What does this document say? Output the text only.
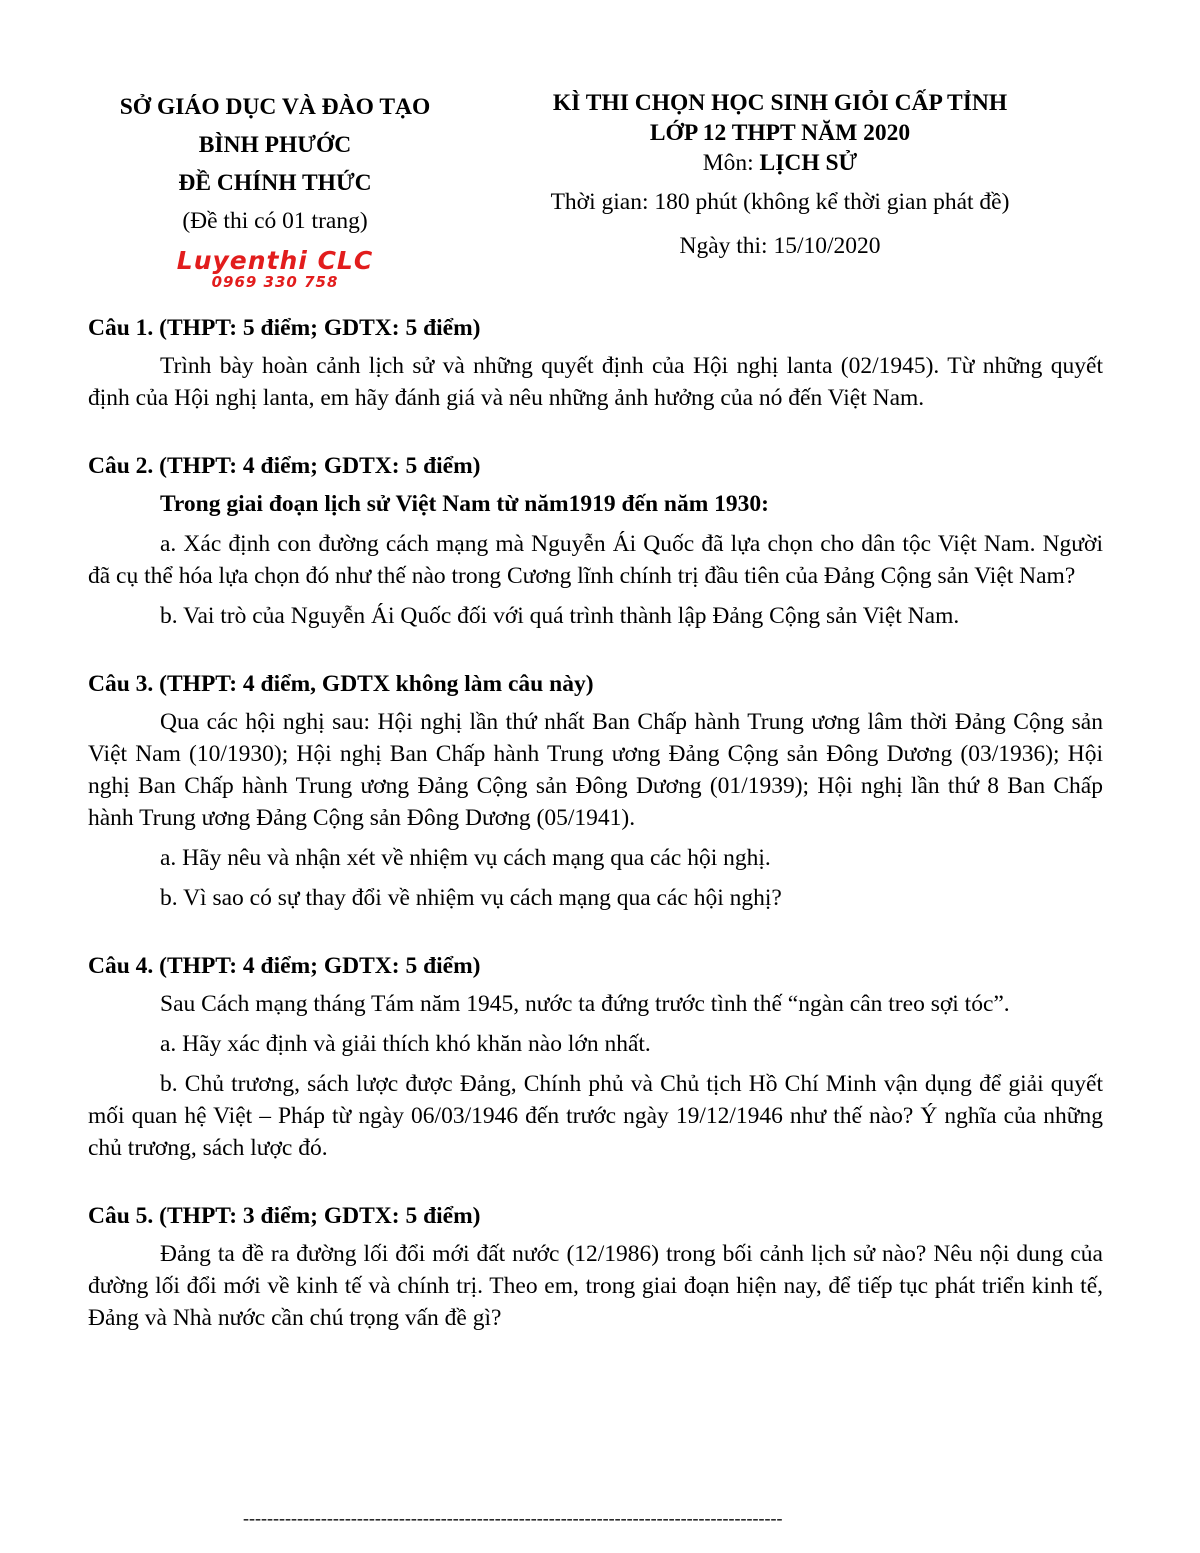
SỞ GIÁO DỤC VÀ ĐÀO TẠO
BÌNH PHƯỚC
ĐỀ CHÍNH THỨC
(Đề thi có 01 trang)
Luyenthi CLC
0969 330 758
KÌ THI CHỌN HỌC SINH GIỎI CẤP TỈNH
LỚP 12 THPT NĂM 2020
Môn: LỊCH SỬ
Thời gian: 180 phút (không kể thời gian phát đề)
Ngày thi: 15/10/2020
Câu 1. (THPT: 5 điểm; GDTX: 5 điểm)

Trình bày hoàn cảnh lịch sử và những quyết định của Hội nghị lanta (02/1945). Từ những quyết định của Hội nghị lanta, em hãy đánh giá và nêu những ảnh hưởng của nó đến Việt Nam.

Câu 2. (THPT: 4 điểm; GDTX: 5 điểm)

Trong giai đoạn lịch sử Việt Nam từ năm1919 đến năm 1930:

a. Xác định con đường cách mạng mà Nguyễn Ái Quốc đã lựa chọn cho dân tộc Việt Nam. Người đã cụ thể hóa lựa chọn đó như thế nào trong Cương lĩnh chính trị đầu tiên của Đảng Cộng sản Việt Nam?

b. Vai trò của Nguyễn Ái Quốc đối với quá trình thành lập Đảng Cộng sản Việt Nam.

Câu 3. (THPT: 4 điểm, GDTX không làm câu này)

Qua các hội nghị sau: Hội nghị lần thứ nhất Ban Chấp hành Trung ương lâm thời Đảng Cộng sản Việt Nam (10/1930); Hội nghị Ban Chấp hành Trung ương Đảng Cộng sản Đông Dương (03/1936); Hội nghị Ban Chấp hành Trung ương Đảng Cộng sản Đông Dương (01/1939); Hội nghị lần thứ 8 Ban Chấp hành Trung ương Đảng Cộng sản Đông Dương (05/1941).

a. Hãy nêu và nhận xét về nhiệm vụ cách mạng qua các hội nghị.

b. Vì sao có sự thay đổi về nhiệm vụ cách mạng qua các hội nghị?

Câu 4. (THPT: 4 điểm; GDTX: 5 điểm)

Sau Cách mạng tháng Tám năm 1945, nước ta đứng trước tình thế “ngàn cân treo sợi tóc”.

a. Hãy xác định và giải thích khó khăn nào lớn nhất.

b. Chủ trương, sách lược được Đảng, Chính phủ và Chủ tịch Hồ Chí Minh vận dụng để giải quyết mối quan hệ Việt – Pháp từ ngày 06/03/1946 đến trước ngày 19/12/1946 như thế nào? Ý nghĩa của những chủ trương, sách lược đó.

Câu 5. (THPT: 3 điểm; GDTX: 5 điểm)

Đảng ta đề ra đường lối đổi mới đất nước (12/1986) trong bối cảnh lịch sử nào? Nêu nội dung của đường lối đổi mới về kinh tế và chính trị. Theo em, trong giai đoạn hiện nay, để tiếp tục phát triển kinh tế, Đảng và Nhà nước cần chú trọng vấn đề gì?

------------------------------------------------------------------------------------------
